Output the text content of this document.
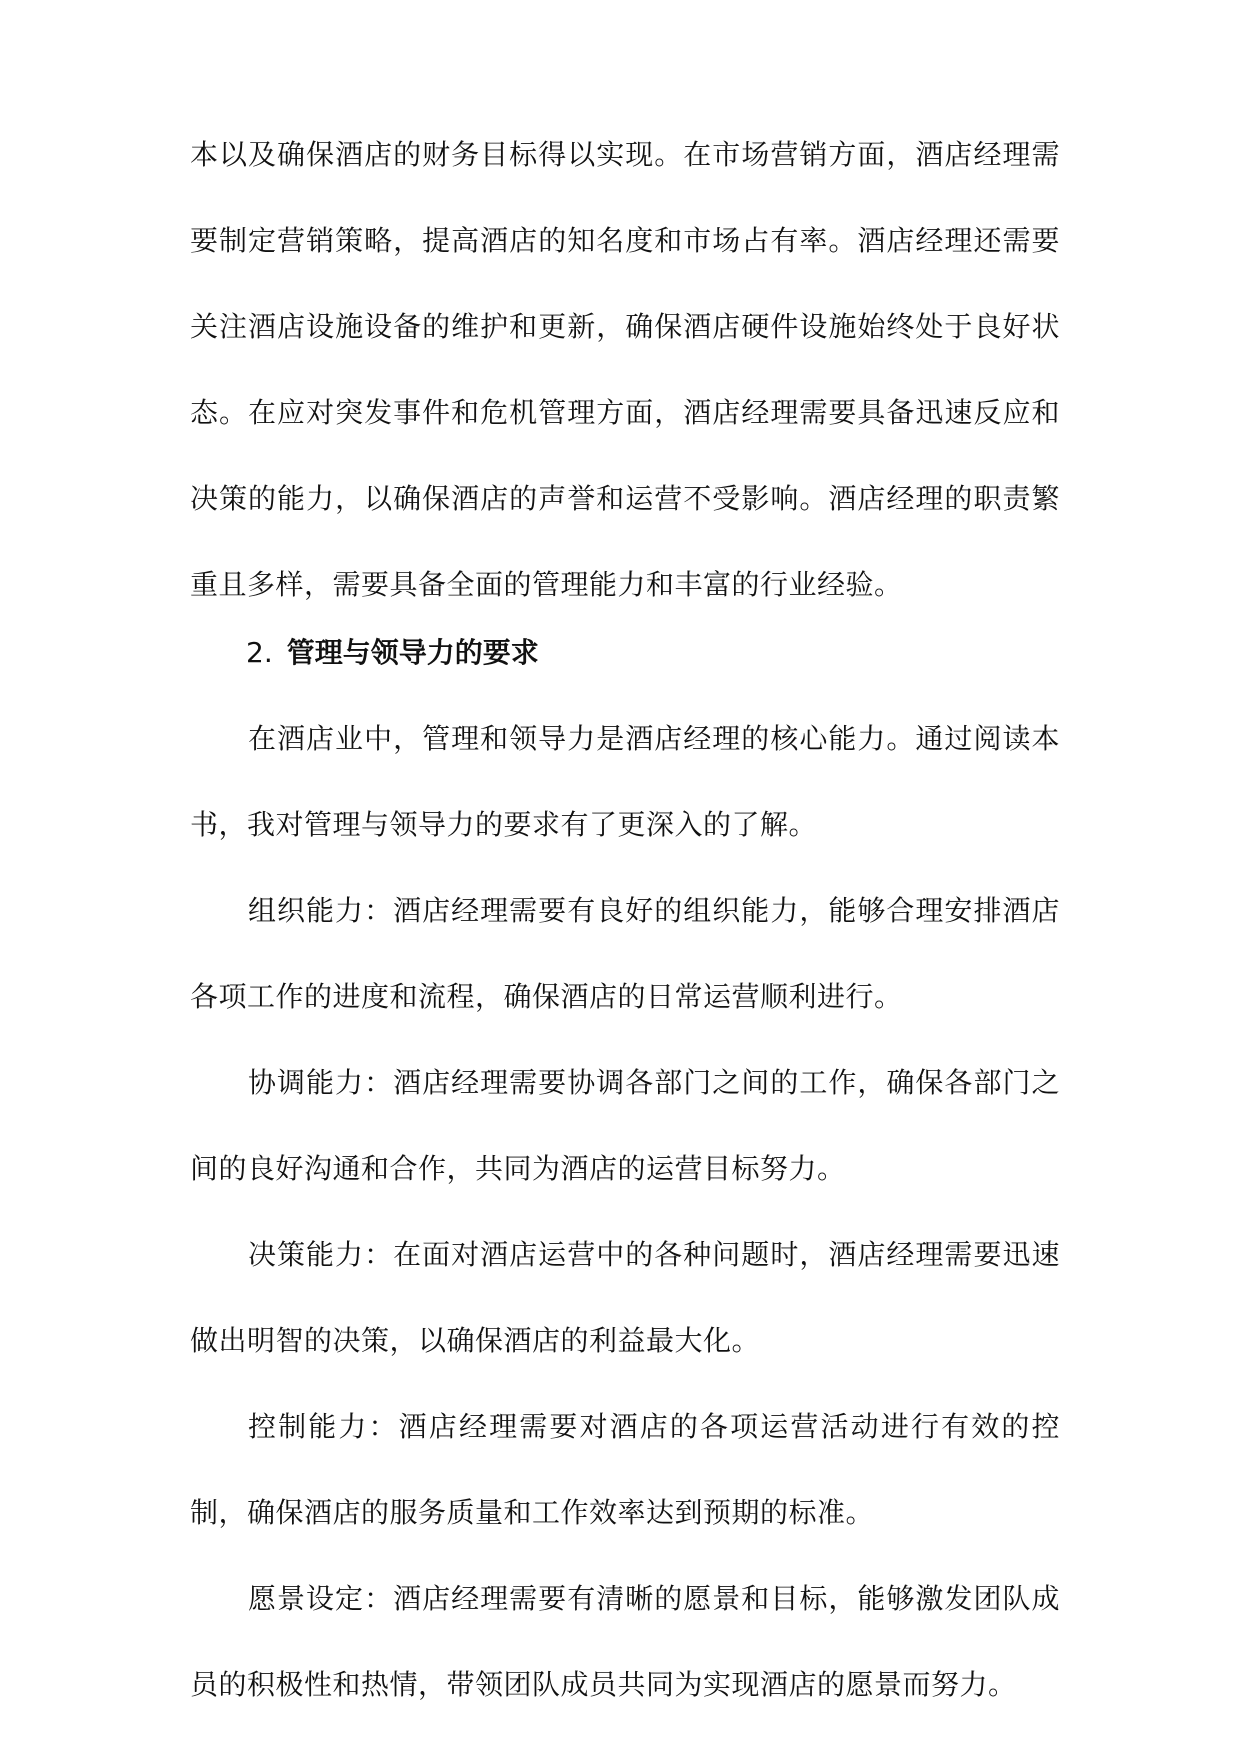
本以及确保酒店的财务目标得以实现。在市场营销方面，酒店经理需要制定营销策略，提高酒店的知名度和市场占有率。酒店经理还需要关注酒店设施设备的维护和更新，确保酒店硬件设施始终处于良好状态。在应对突发事件和危机管理方面，酒店经理需要具备迅速反应和决策的能力，以确保酒店的声誉和运营不受影响。酒店经理的职责繁重且多样，需要具备全面的管理能力和丰富的行业经验。

2. 管理与领导力的要求

在酒店业中，管理和领导力是酒店经理的核心能力。通过阅读本书，我对管理与领导力的要求有了更深入的了解。

组织能力：酒店经理需要有良好的组织能力，能够合理安排酒店各项工作的进度和流程，确保酒店的日常运营顺利进行。

协调能力：酒店经理需要协调各部门之间的工作，确保各部门之间的良好沟通和合作，共同为酒店的运营目标努力。

决策能力：在面对酒店运营中的各种问题时，酒店经理需要迅速做出明智的决策，以确保酒店的利益最大化。

控制能力：酒店经理需要对酒店的各项运营活动进行有效的控制，确保酒店的服务质量和工作效率达到预期的标准。

愿景设定：酒店经理需要有清晰的愿景和目标，能够激发团队成员的积极性和热情，带领团队成员共同为实现酒店的愿景而努力。
